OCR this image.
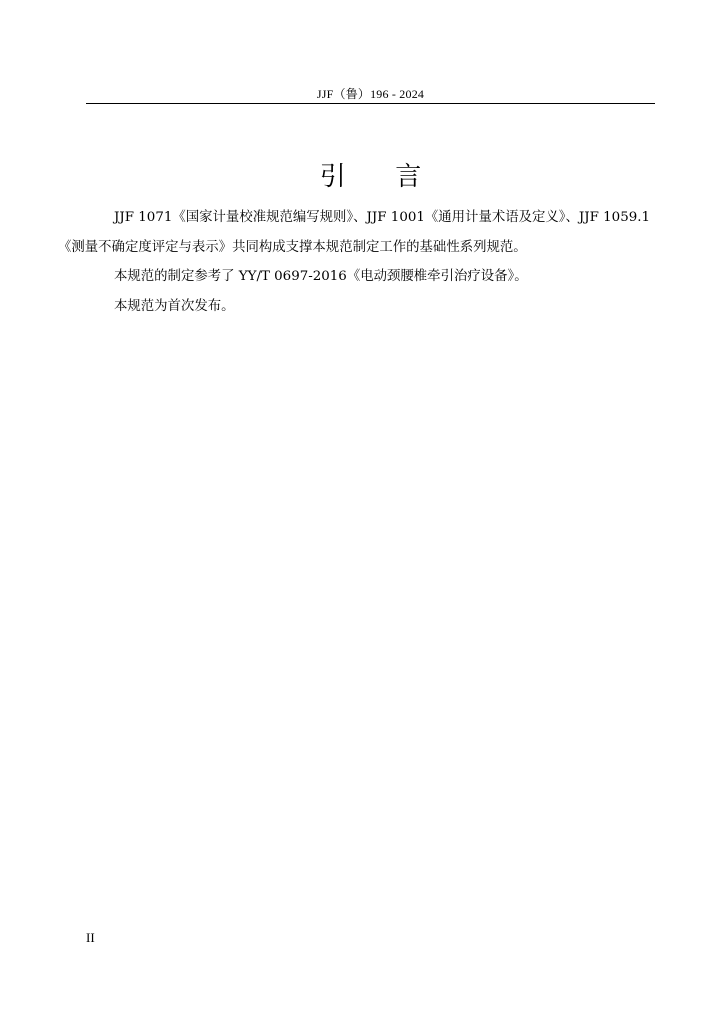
JJF（鲁）196 - 2024
引      言

JJF 1071《国家计量校准规范编写规则》、JJF 1001《通用计量术语及定义》、JJF 1059.1
《测量不确定度评定与表示》共同构成支撑本规范制定工作的基础性系列规范。

本规范的制定参考了 YY/T 0697-2016《电动颈腰椎牵引治疗设备》。

本规范为首次发布。

II
